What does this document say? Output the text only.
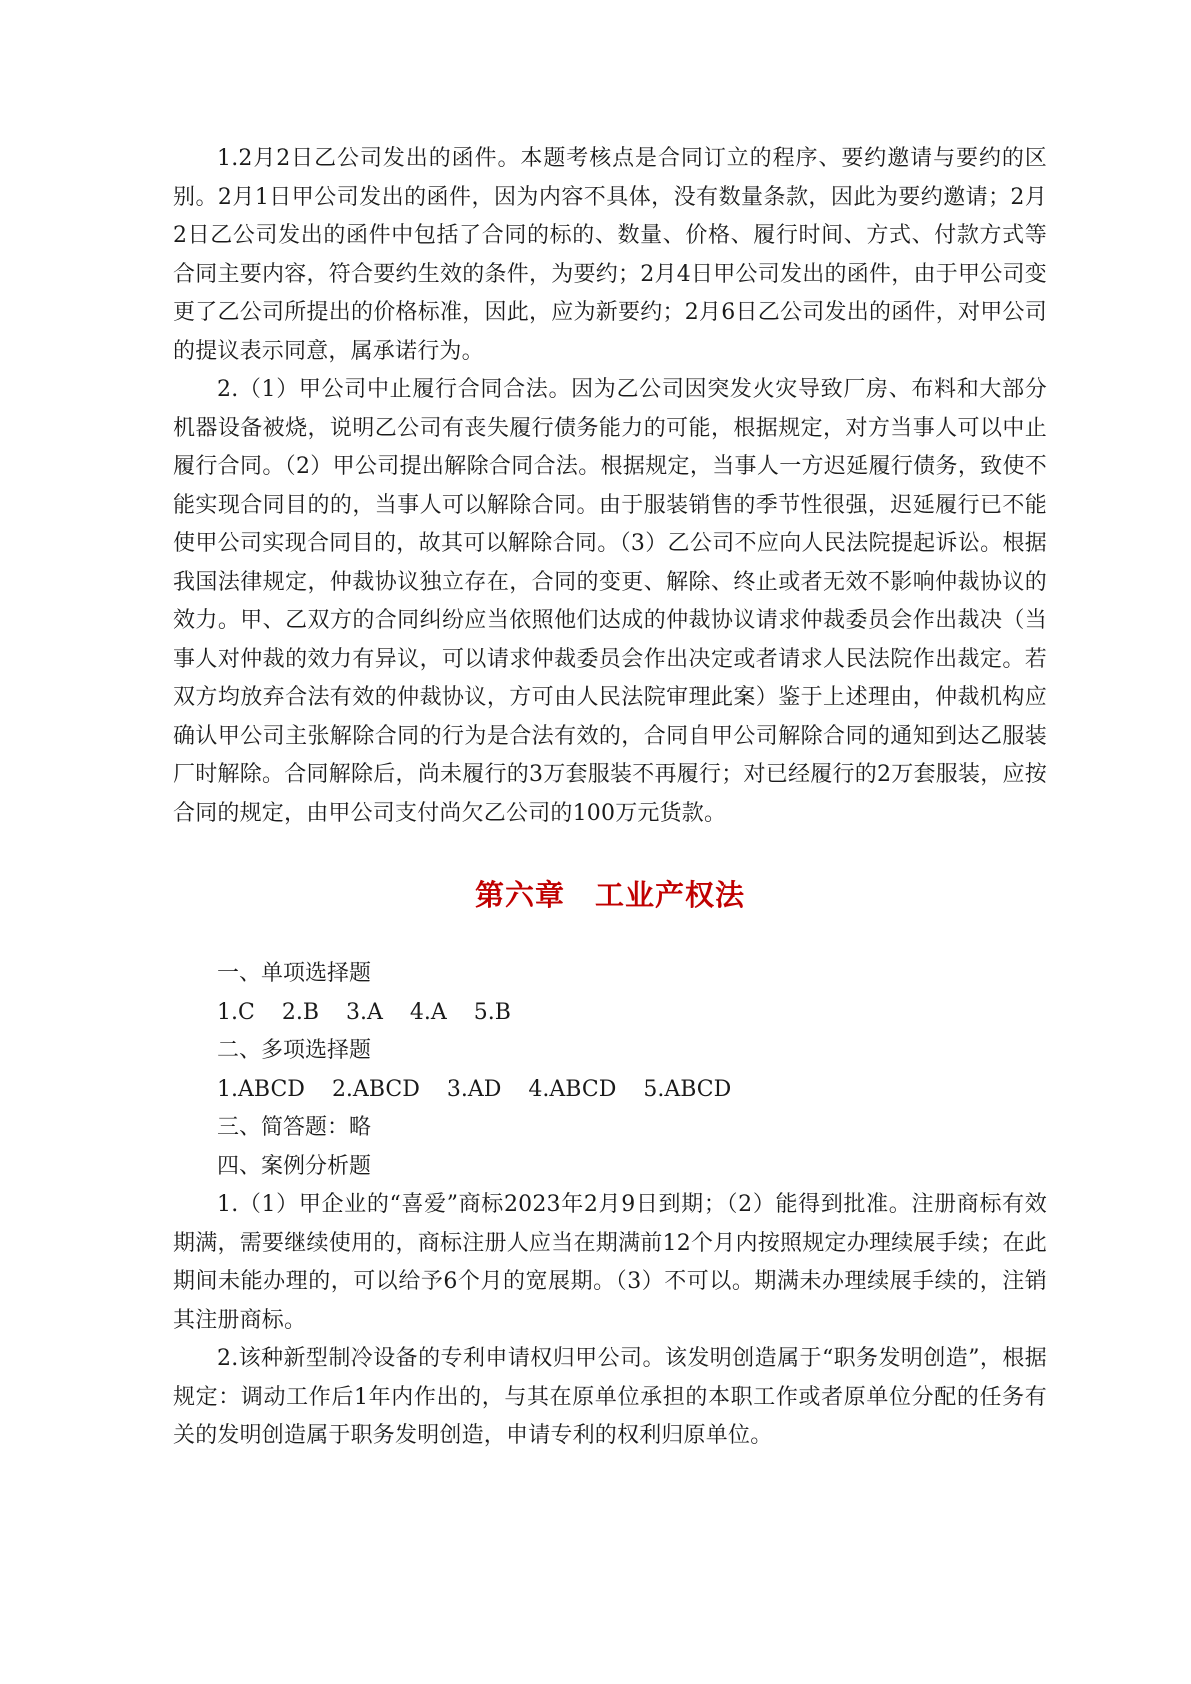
1.2月2日乙公司发出的函件。本题考核点是合同订立的程序、要约邀请与要约的区别。2月1日甲公司发出的函件，因为内容不具体，没有数量条款，因此为要约邀请；2月2日乙公司发出的函件中包括了合同的标的、数量、价格、履行时间、方式、付款方式等合同主要内容，符合要约生效的条件，为要约；2月4日甲公司发出的函件，由于甲公司变更了乙公司所提出的价格标准，因此，应为新要约；2月6日乙公司发出的函件，对甲公司的提议表示同意，属承诺行为。

2.（1）甲公司中止履行合同合法。因为乙公司因突发火灾导致厂房、布料和大部分机器设备被烧，说明乙公司有丧失履行债务能力的可能，根据规定，对方当事人可以中止履行合同。（2）甲公司提出解除合同合法。根据规定，当事人一方迟延履行债务，致使不能实现合同目的的，当事人可以解除合同。由于服装销售的季节性很强，迟延履行已不能使甲公司实现合同目的，故其可以解除合同。（3）乙公司不应向人民法院提起诉讼。根据我国法律规定，仲裁协议独立存在，合同的变更、解除、终止或者无效不影响仲裁协议的效力。甲、乙双方的合同纠纷应当依照他们达成的仲裁协议请求仲裁委员会作出裁决（当事人对仲裁的效力有异议，可以请求仲裁委员会作出决定或者请求人民法院作出裁定。若双方均放弃合法有效的仲裁协议，方可由人民法院审理此案）鉴于上述理由，仲裁机构应确认甲公司主张解除合同的行为是合法有效的，合同自甲公司解除合同的通知到达乙服装厂时解除。合同解除后，尚未履行的3万套服装不再履行；对已经履行的2万套服装，应按合同的规定，由甲公司支付尚欠乙公司的100万元货款。

第六章　工业产权法

一、单项选择题

1.C 2.B 3.A 4.A 5.B

二、多项选择题

1.ABCD 2.ABCD 3.AD 4.ABCD 5.ABCD

三、简答题：略

四、案例分析题

1.（1）甲企业的“喜爱”商标2023年2月9日到期；（2）能得到批准。注册商标有效期满，需要继续使用的，商标注册人应当在期满前12个月内按照规定办理续展手续；在此期间未能办理的，可以给予6个月的宽展期。（3）不可以。期满未办理续展手续的，注销其注册商标。

2.该种新型制冷设备的专利申请权归甲公司。该发明创造属于“职务发明创造”，根据规定：调动工作后1年内作出的，与其在原单位承担的本职工作或者原单位分配的任务有关的发明创造属于职务发明创造，申请专利的权利归原单位。
